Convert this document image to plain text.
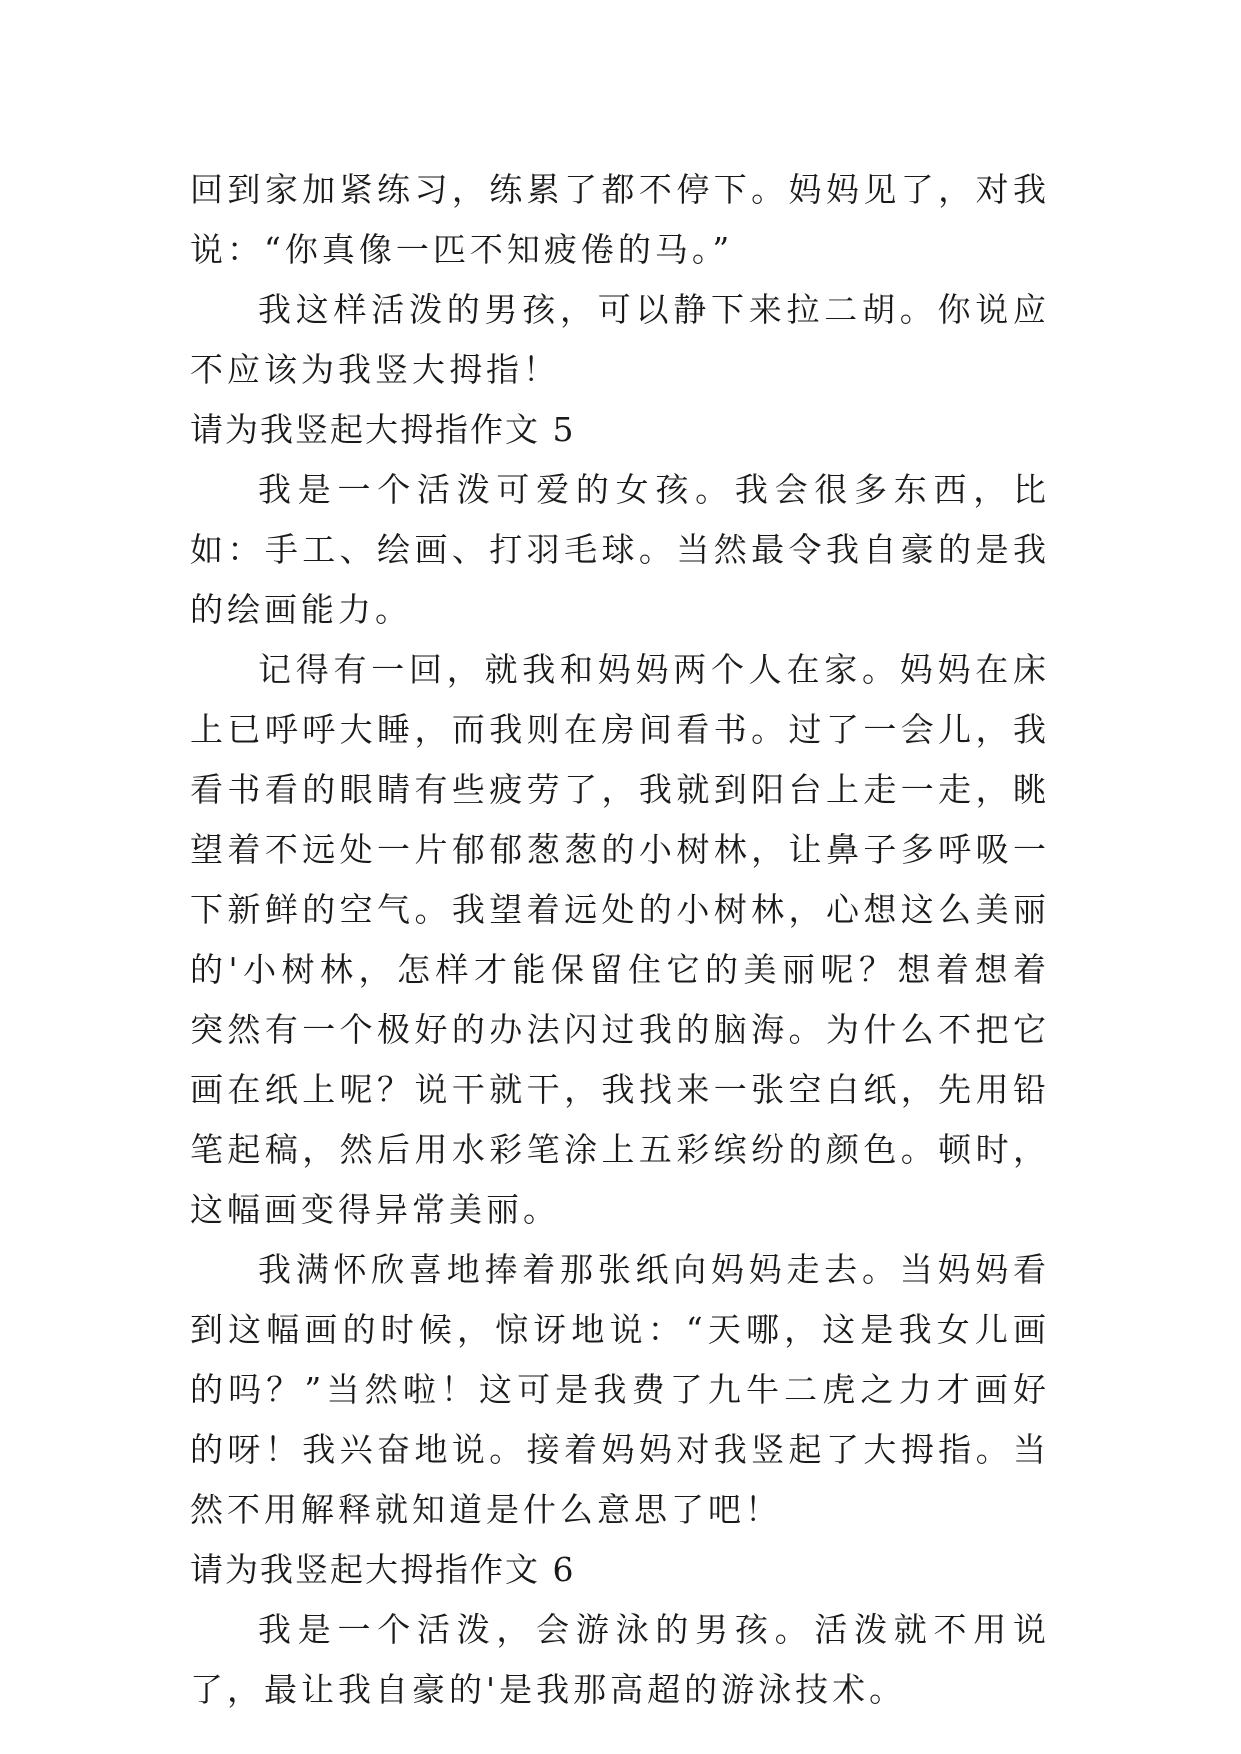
回到家加紧练习，练累了都不停下。妈妈见了，对我说：“你真像一匹不知疲倦的马。”

我这样活泼的男孩，可以静下来拉二胡。你说应不应该为我竖大拇指！

请为我竖起大拇指作文 5

我是一个活泼可爱的女孩。我会很多东西，比如：手工、绘画、打羽毛球。当然最令我自豪的是我的绘画能力。

记得有一回，就我和妈妈两个人在家。妈妈在床上已呼呼大睡，而我则在房间看书。过了一会儿，我看书看的眼睛有些疲劳了，我就到阳台上走一走，眺望着不远处一片郁郁葱葱的小树林，让鼻子多呼吸一下新鲜的空气。我望着远处的小树林，心想这么美丽的'小树林，怎样才能保留住它的美丽呢？想着想着突然有一个极好的办法闪过我的脑海。为什么不把它画在纸上呢？说干就干，我找来一张空白纸，先用铅笔起稿，然后用水彩笔涂上五彩缤纷的颜色。顿时，这幅画变得异常美丽。

我满怀欣喜地捧着那张纸向妈妈走去。当妈妈看到这幅画的时候，惊讶地说：“天哪，这是我女儿画的吗？”当然啦！这可是我费了九牛二虎之力才画好的呀！我兴奋地说。接着妈妈对我竖起了大拇指。当然不用解释就知道是什么意思了吧！

请为我竖起大拇指作文 6

我是一个活泼，会游泳的男孩。活泼就不用说了，最让我自豪的'是我那高超的游泳技术。
